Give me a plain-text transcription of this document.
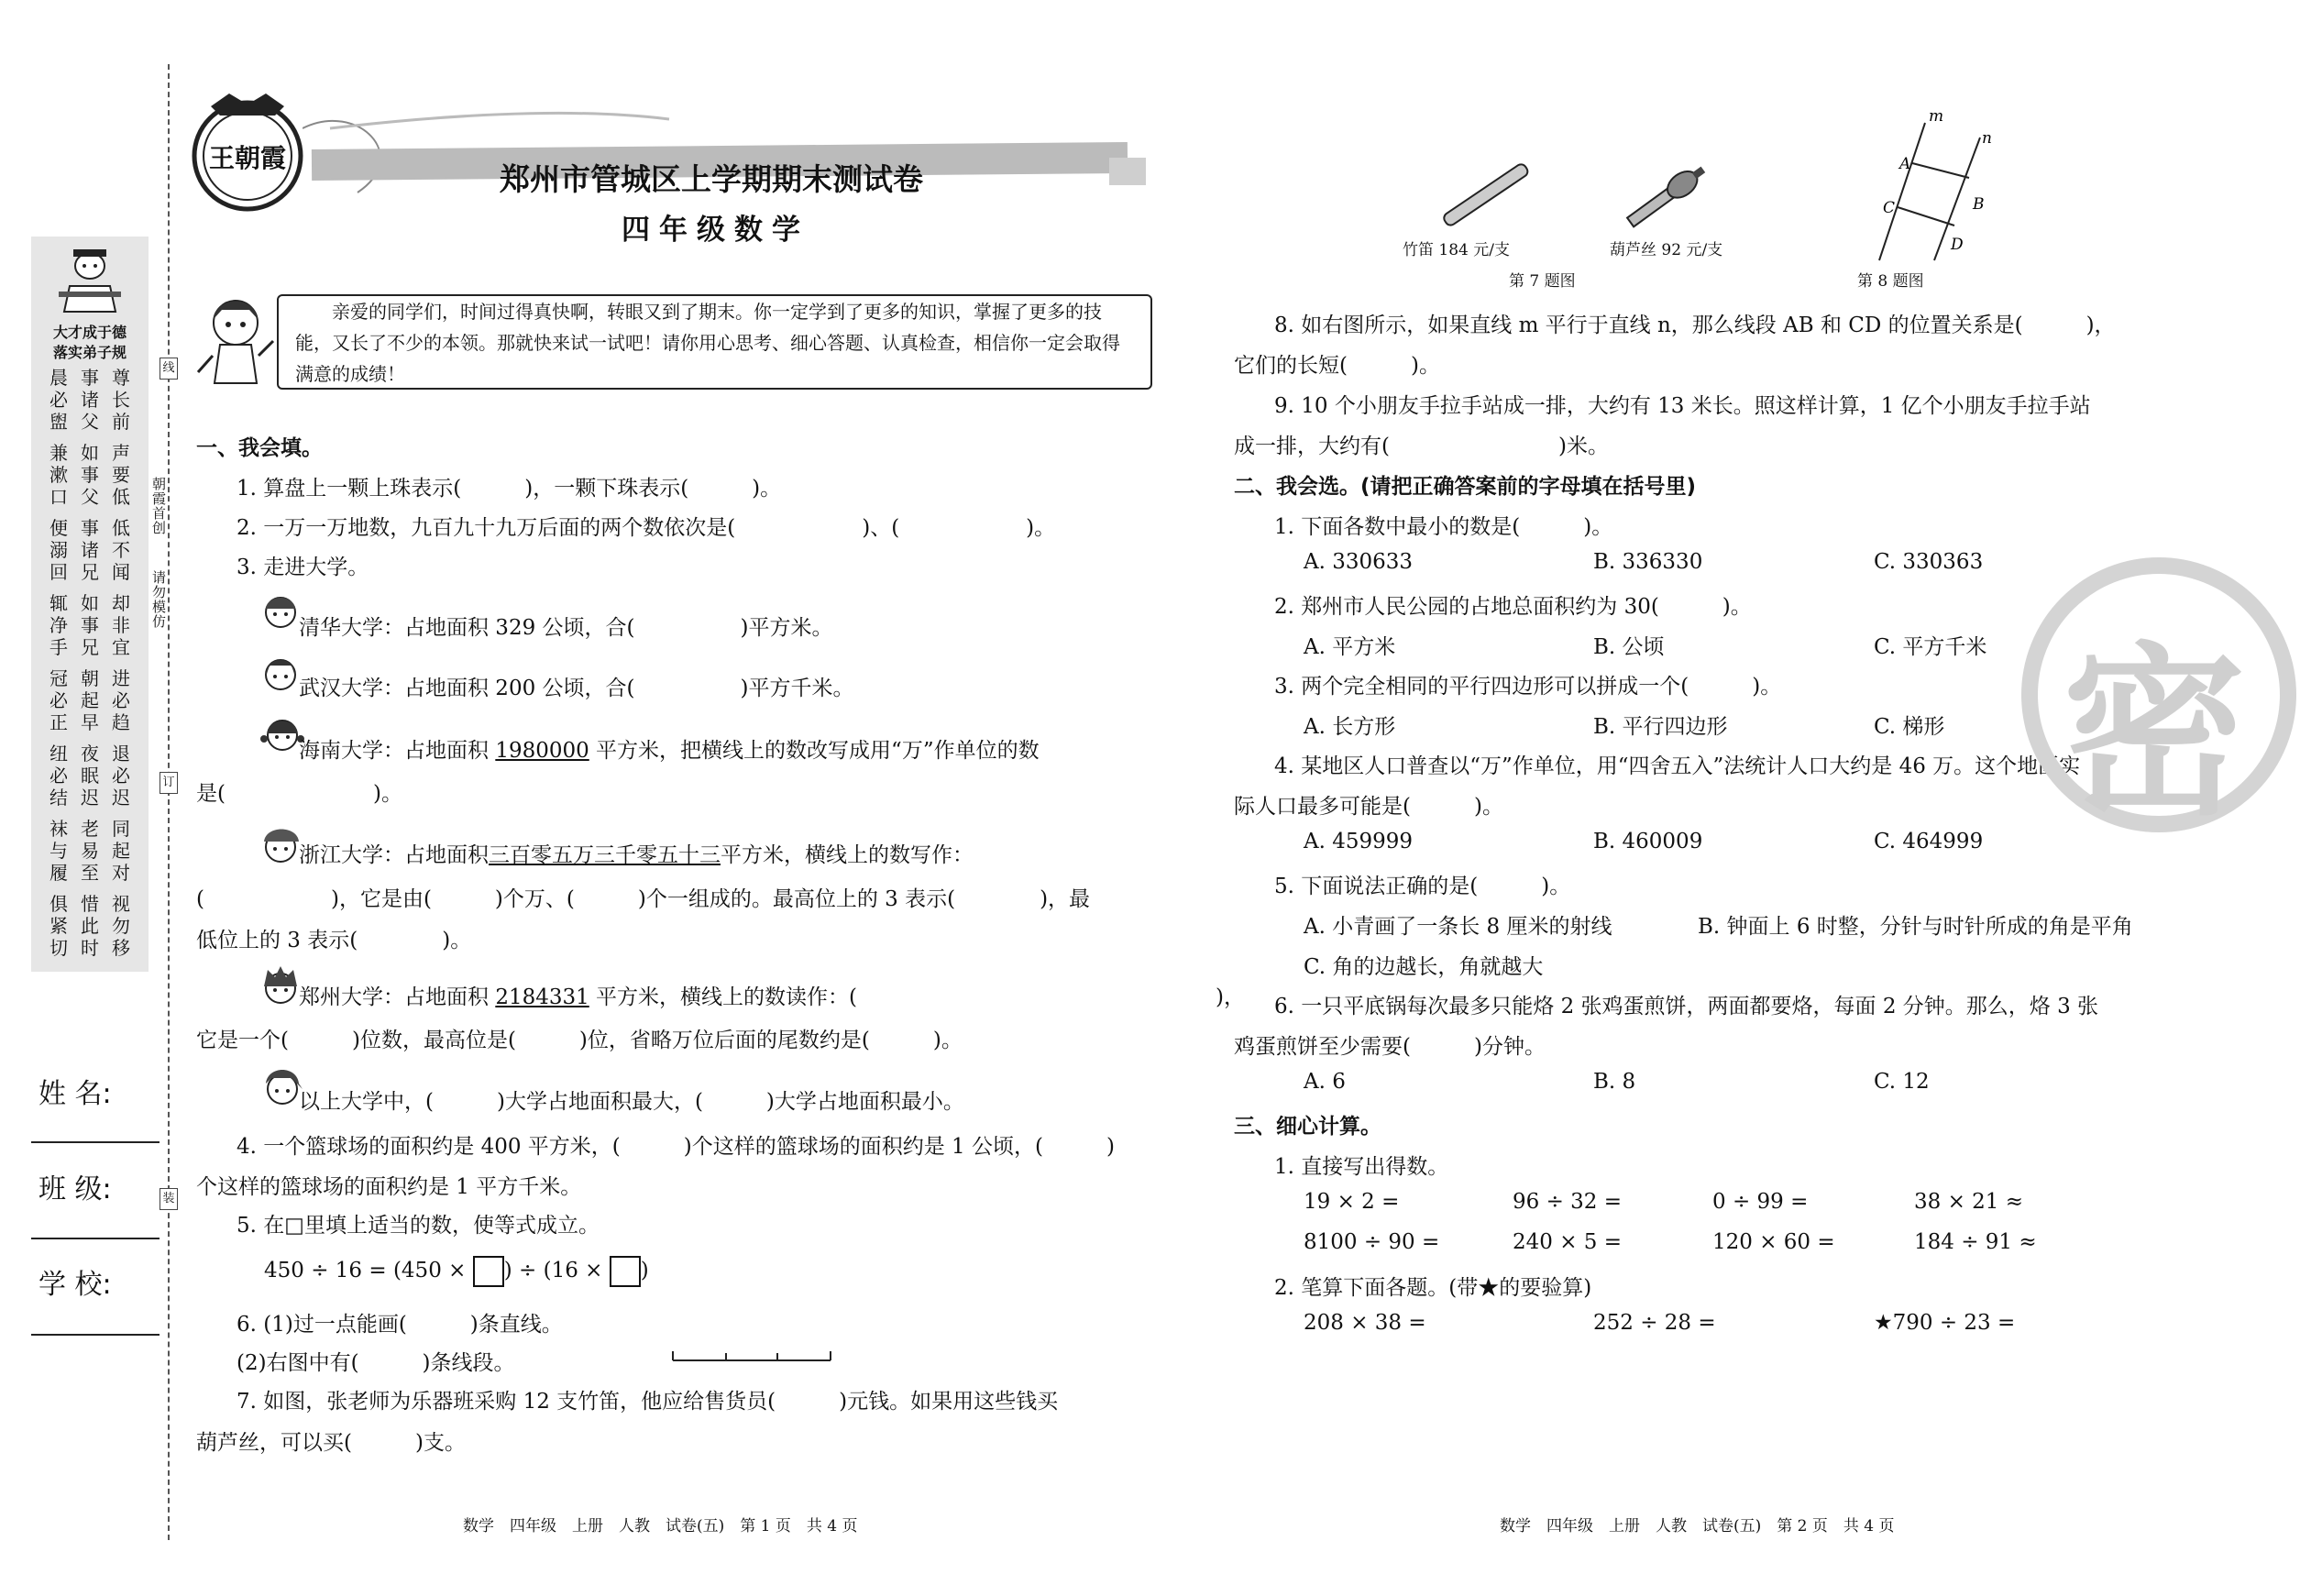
大才成于德
落实弟子规
晨
必
盥
事
诸
父
尊
长
前
兼
漱
口
如
事
父
声
要
低
便
溺
回
事
诸
兄
低
不
闻
辄
净
手
如
事
兄
却
非
宜
冠
必
正
朝
起
早
进
必
趋
纽
必
结
夜
眠
迟
退
必
迟
袜
与
履
老
易
至
同
起
对
俱
紧
切
惜
此
时
视
勿
移
线
订
装
朝霞首创
请勿模仿
姓 名:
班 级:
学 校:
王朝霞
郑州市管城区上学期期末测试卷
四年级数学

亲爱的同学们，时间过得真快啊，转眼又到了期末。你一定学到了更多的知识，掌握了更多的技能，又长了不少的本领。那就快来试一试吧！请你用心思考、细心答题、认真检查，相信你一定会取得满意的成绩！

一、我会填。
1. 算盘上一颗上珠表示(　　　)，一颗下珠表示(　　　)。
2. 一万一万地数，九百九十九万后面的两个数依次是(　　　　　　)、(　　　　　　)。
3. 走进大学。
清华大学：占地面积 329 公顷，合(　　　　　)平方米。
武汉大学：占地面积 200 公顷，合(　　　　　)平方千米。
海南大学：占地面积 1980000 平方米，把横线上的数改写成用“万”作单位的数
是(　　　　　　　)。
浙江大学：占地面积三百零五万三千零五十三平方米，横线上的数写作：
(　　　　　　)，它是由(　　　)个万、(　　　)个一组成的。最高位上的 3 表示(　　　　)，最
低位上的 3 表示(　　　　)。
郑州大学：占地面积 2184331 平方米，横线上的数读作：(　　　　　　　　　　　　　　　　　)，
它是一个(　　　)位数，最高位是(　　　)位，省略万位后面的尾数约是(　　　)。
以上大学中，(　　　)大学占地面积最大，(　　　)大学占地面积最小。
4. 一个篮球场的面积约是 400 平方米，(　　　)个这样的篮球场的面积约是 1 公顷，(　　　)
个这样的篮球场的面积约是 1 平方千米。
5. 在□里填上适当的数，使等式成立。
450 ÷ 16 = (450 × ) ÷ (16 × )
6. (1)过一点能画(　　　)条直线。
(2)右图中有(　　　)条线段。
7. 如图，张老师为乐器班采购 12 支竹笛，他应给售货员(　　　)元钱。如果用这些钱买
葫芦丝，可以买(　　　)支。
数学　四年级　上册　人教　试卷(五)　第 1 页　共 4 页
竹笛 184 元/支	葫芦丝 92 元/支
第 7 题图
m
n
A
B
C
D
第 8 题图
8. 如右图所示，如果直线 m 平行于直线 n，那么线段 AB 和 CD 的位置关系是(　　　)，
它们的长短(　　　)。
9. 10 个小朋友手拉手站成一排，大约有 13 米长。照这样计算，1 亿个小朋友手拉手站
成一排，大约有(　　　　　　　　)米。
二、我会选。(请把正确答案前的字母填在括号里)
1. 下面各数中最小的数是(　　　)。
A. 330633	B. 336330	C. 330363
2. 郑州市人民公园的占地总面积约为 30(　　　)。
A. 平方米	B. 公顷	C. 平方千米
3. 两个完全相同的平行四边形可以拼成一个(　　　)。
A. 长方形	B. 平行四边形	C. 梯形
4. 某地区人口普查以“万”作单位，用“四舍五入”法统计人口大约是 46 万。这个地区实
际人口最多可能是(　　　)。
A. 459999	B. 460009	C. 464999
5. 下面说法正确的是(　　　)。
A. 小青画了一条长 8 厘米的射线	B. 钟面上 6 时整，分针与时针所成的角是平角
C. 角的边越长，角就越大
6. 一只平底锅每次最多只能烙 2 张鸡蛋煎饼，两面都要烙，每面 2 分钟。那么，烙 3 张
鸡蛋煎饼至少需要(　　　)分钟。
A. 6	B. 8	C. 12
三、细心计算。
1. 直接写出得数。
19 × 2 =	96 ÷ 32 =	0 ÷ 99 =	38 × 21 ≈
8100 ÷ 90 =	240 × 5 =	120 × 60 =	184 ÷ 91 ≈
2. 笔算下面各题。(带★的要验算)
208 × 38 =	252 ÷ 28 =	★790 ÷ 23 =
密
数学　四年级　上册　人教　试卷(五)　第 2 页　共 4 页
